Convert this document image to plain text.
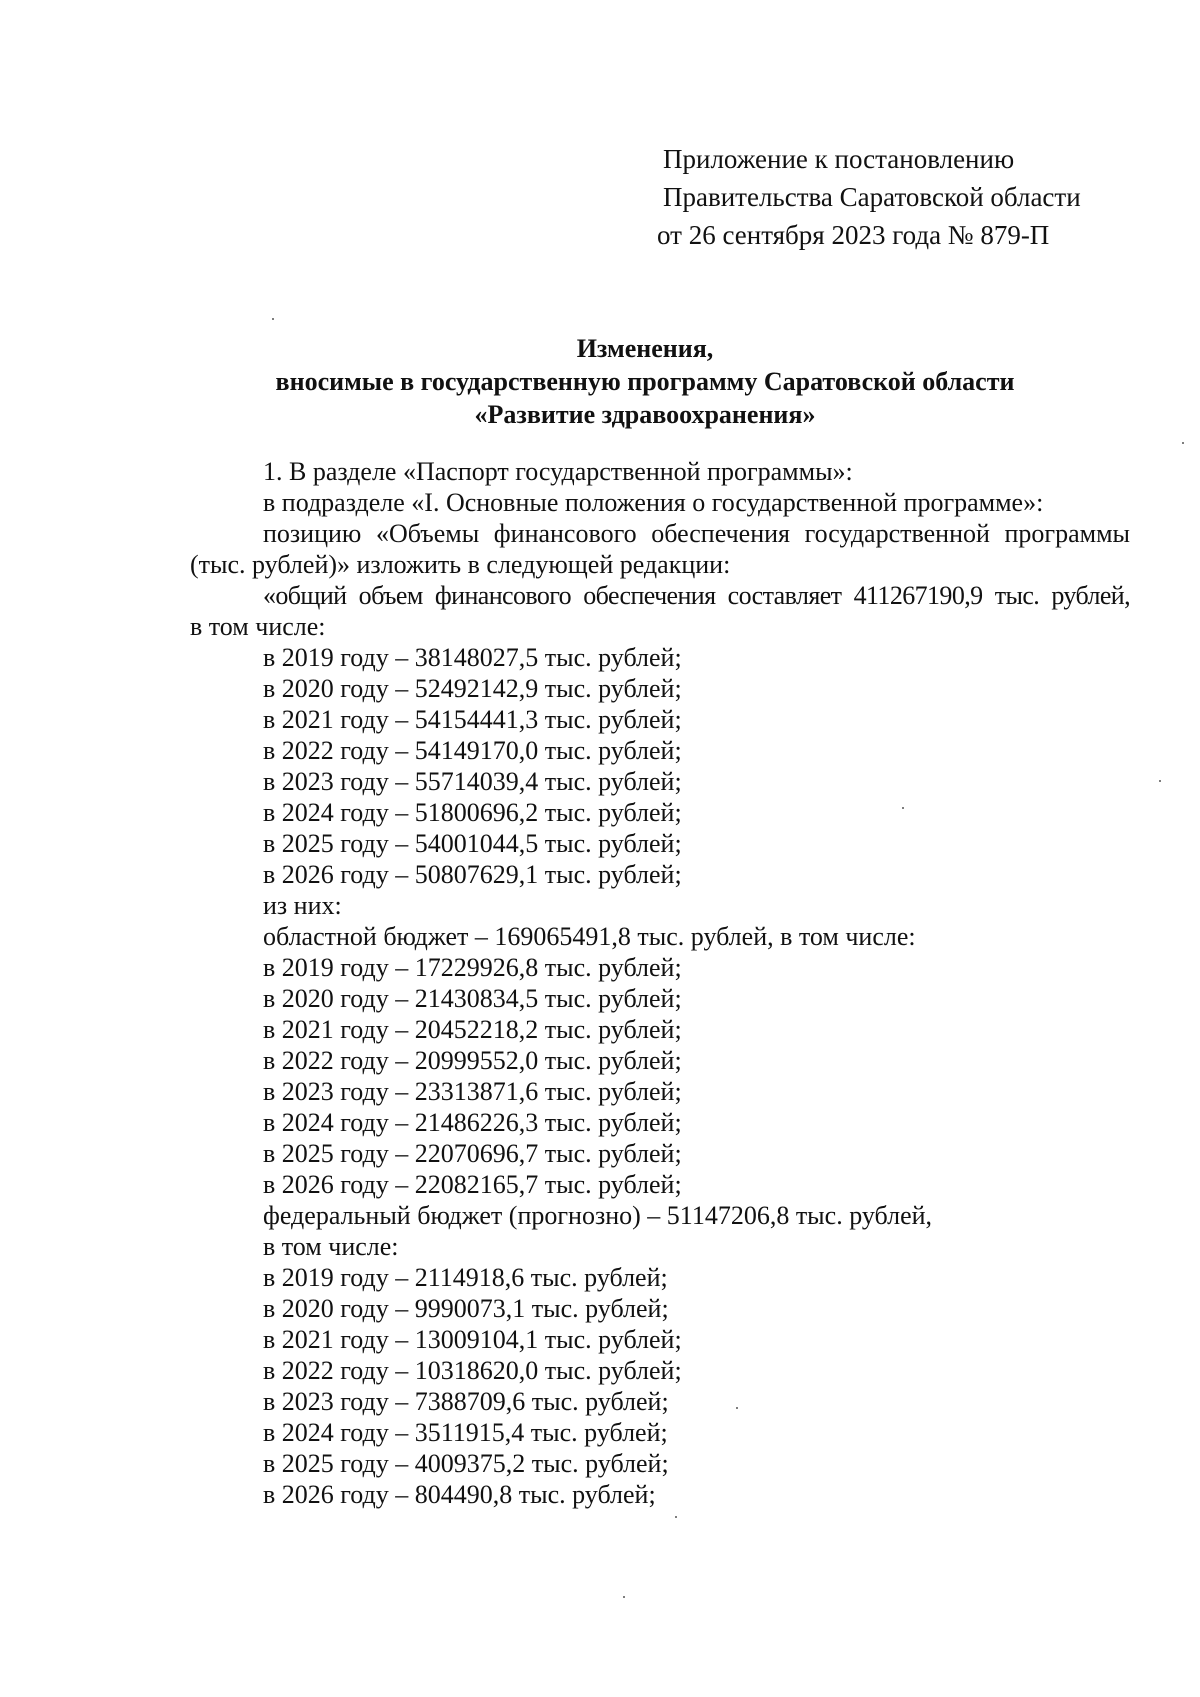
Приложение к постановлению
Правительства Саратовской области
от 26 сентября 2023 года № 879-П
Изменения,
вносимые в государственную программу Саратовской области
«Развитие здравоохранения»
1. В разделе «Паспорт государственной программы»:
в подразделе «I. Основные положения о государственной программе»:
позицию «Объемы финансового обеспечения государственной программы
(тыс. рублей)» изложить в следующей редакции:
«общий объем финансового обеспечения составляет 411267190,9 тыс. рублей,
в том числе:
в 2019 году – 38148027,5 тыс. рублей;
в 2020 году – 52492142,9 тыс. рублей;
в 2021 году – 54154441,3 тыс. рублей;
в 2022 году – 54149170,0 тыс. рублей;
в 2023 году – 55714039,4 тыс. рублей;
в 2024 году – 51800696,2 тыс. рублей;
в 2025 году – 54001044,5 тыс. рублей;
в 2026 году – 50807629,1 тыс. рублей;
из них:
областной бюджет – 169065491,8 тыс. рублей, в том числе:
в 2019 году – 17229926,8 тыс. рублей;
в 2020 году – 21430834,5 тыс. рублей;
в 2021 году – 20452218,2 тыс. рублей;
в 2022 году – 20999552,0 тыс. рублей;
в 2023 году – 23313871,6 тыс. рублей;
в 2024 году – 21486226,3 тыс. рублей;
в 2025 году – 22070696,7 тыс. рублей;
в 2026 году – 22082165,7 тыс. рублей;
федеральный бюджет (прогнозно) – 51147206,8 тыс. рублей,
в том числе:
в 2019 году – 2114918,6 тыс. рублей;
в 2020 году – 9990073,1 тыс. рублей;
в 2021 году – 13009104,1 тыс. рублей;
в 2022 году – 10318620,0 тыс. рублей;
в 2023 году – 7388709,6 тыс. рублей;
в 2024 году – 3511915,4 тыс. рублей;
в 2025 году – 4009375,2 тыс. рублей;
в 2026 году – 804490,8 тыс. рублей;
